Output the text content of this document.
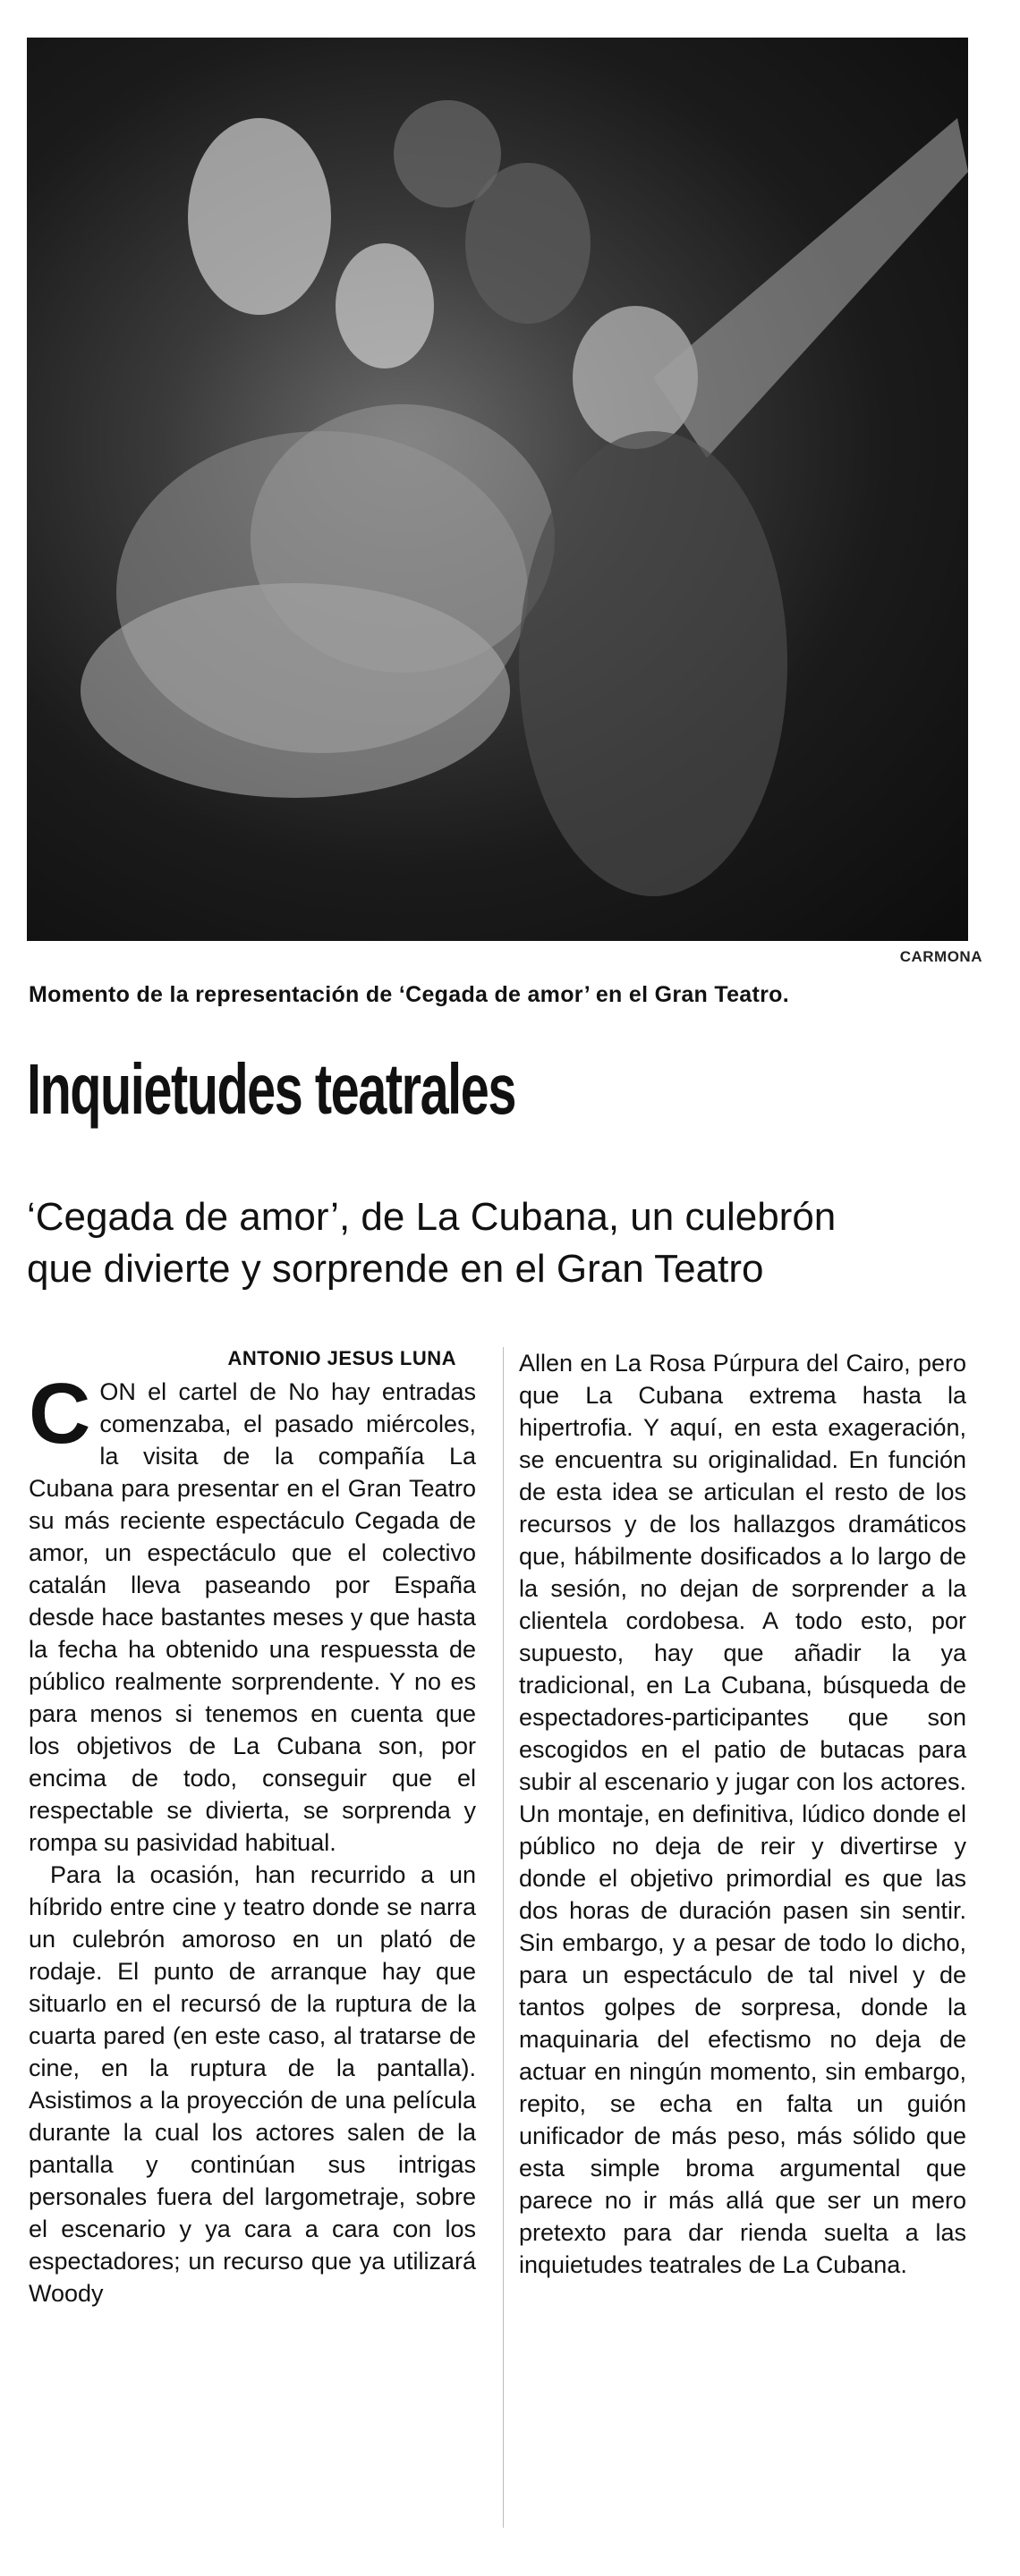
CARMONA
Momento de la representación de ‘Cegada de amor’ en el Gran Teatro.
Inquietudes teatrales
‘Cegada de amor’, de La Cubana, un culebrón
que divierte y sorprende en el Gran Teatro
ANTONIO JESUS LUNA

CON el cartel de No hay entradas comenzaba, el pasado miércoles, la visita de la compañía La Cubana para presentar en el Gran Teatro su más reciente espectáculo Cegada de amor, un espectáculo que el colectivo catalán lleva paseando por España desde hace bastantes meses y que hasta la fecha ha obtenido una respuessta de público realmente sorprendente. Y no es para menos si tenemos en cuenta que los objetivos de La Cubana son, por encima de todo, conseguir que el respectable se divierta, se sorprenda y rompa su pasividad habitual.

Para la ocasión, han recurrido a un híbrido entre cine y teatro donde se narra un culebrón amoroso en un plató de rodaje. El punto de arranque hay que situarlo en el recursó de la ruptura de la cuarta pared (en este caso, al tratarse de cine, en la ruptura de la pantalla). Asistimos a la proyección de una película durante la cual los actores salen de la pantalla y continúan sus intrigas personales fuera del largometraje, sobre el escenario y ya cara a cara con los espectadores; un recurso que ya utilizará Woody

Allen en La Rosa Púrpura del Cairo, pero que La Cubana extrema hasta la hipertrofia. Y aquí, en esta exageración, se encuentra su originalidad. En función de esta idea se articulan el resto de los recursos y de los hallazgos dramáticos que, hábilmente dosificados a lo largo de la sesión, no dejan de sorprender a la clientela cordobesa. A todo esto, por supuesto, hay que añadir la ya tradicional, en La Cubana, búsqueda de espectadores-participantes que son escogidos en el patio de butacas para subir al escenario y jugar con los actores. Un montaje, en definitiva, lúdico donde el público no deja de reir y divertirse y donde el objetivo primordial es que las dos horas de duración pasen sin sentir. Sin embargo, y a pesar de todo lo dicho, para un espectáculo de tal nivel y de tantos golpes de sorpresa, donde la maquinaria del efectismo no deja de actuar en ningún momento, sin embargo, repito, se echa en falta un guión unificador de más peso, más sólido que esta simple broma argumental que parece no ir más allá que ser un mero pretexto para dar rienda suelta a las inquietudes teatrales de La Cubana.
